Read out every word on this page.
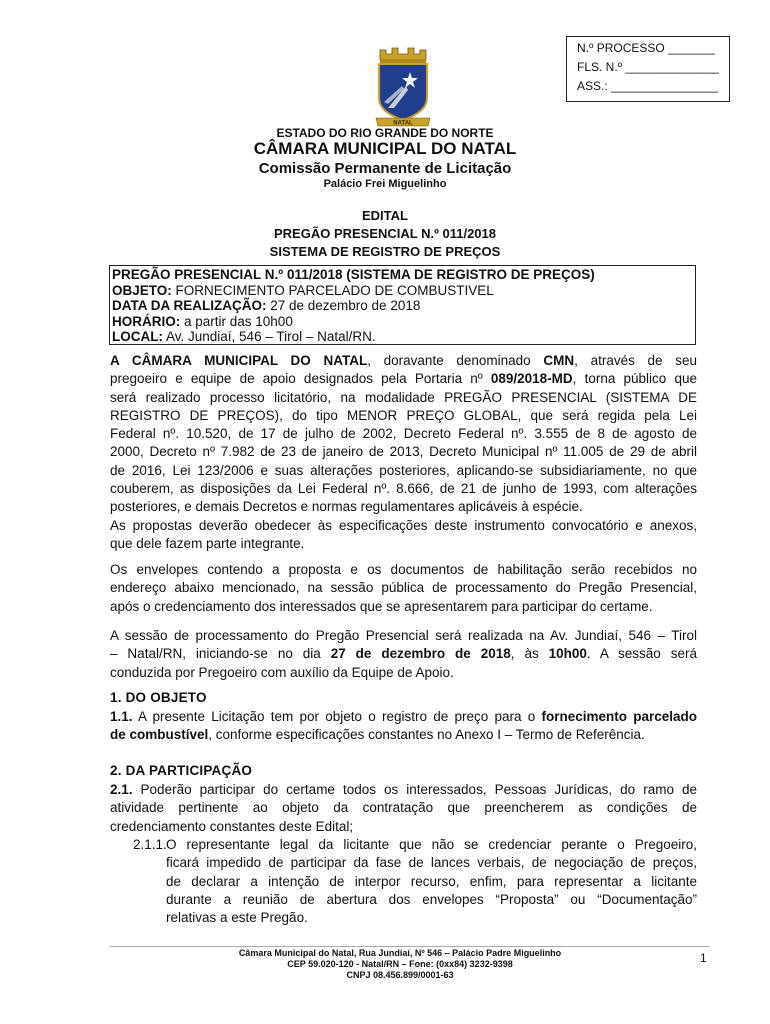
N.º PROCESSO _______
FLS. N.º ______________
ASS.: ________________
NATAL
ESTADO DO RIO GRANDE DO NORTE
CÂMARA MUNICIPAL DO NATAL
Comissão Permanente de Licitação
Palácio Frei Miguelinho
EDITAL
PREGÃO PRESENCIAL N.º 011/2018
SISTEMA DE REGISTRO DE PREÇOS
PREGÃO PRESENCIAL N.º 011/2018 (SISTEMA DE REGISTRO DE PREÇOS)
OBJETO: FORNECIMENTO PARCELADO DE COMBUSTIVEL
DATA DA REALIZAÇÃO: 27 de dezembro de 2018
HORÁRIO: a partir das 10h00
LOCAL: Av. Jundiaí, 546 – Tirol – Natal/RN.
A CÂMARA MUNICIPAL DO NATAL, doravante denominado CMN, através de seu
pregoeiro e equipe de apoio designados pela Portaria nº 089/2018-MD, torna público que
será realizado processo licitatório, na modalidade PREGÃO PRESENCIAL (SISTEMA DE
REGISTRO DE PREÇOS), do tipo MENOR PREÇO GLOBAL, que será regida pela Lei
Federal nº. 10.520, de 17 de julho de 2002, Decreto Federal nº. 3.555 de 8 de agosto de
2000, Decreto nº 7.982 de 23 de janeiro de 2013, Decreto Municipal nº 11.005 de 29 de abril
de 2016, Lei 123/2006 e suas alterações posteriores, aplicando-se subsidiariamente, no que
couberem, as disposições da Lei Federal nº. 8.666, de 21 de junho de 1993, com alterações
posteriores, e demais Decretos e normas regulamentares aplicáveis à espécie.
As propostas deverão obedecer às especificações deste instrumento convocatório e anexos,
que dele fazem parte integrante.
Os envelopes contendo a proposta e os documentos de habilitação serão recebidos no
endereço abaixo mencionado, na sessão pública de processamento do Pregão Presencial,
após o credenciamento dos interessados que se apresentarem para participar do certame.
A sessão de processamento do Pregão Presencial será realizada na Av. Jundiaí, 546 – Tirol
– Natal/RN, iniciando-se no dia 27 de dezembro de 2018, às 10h00. A sessão será
conduzida por Pregoeiro com auxílio da Equipe de Apoio.
1. DO OBJETO
1.1. A presente Licitação tem por objeto o registro de preço para o fornecimento parcelado
de combustível, conforme especificações constantes no Anexo I – Termo de Referência.
2. DA PARTICIPAÇÃO
2.1. Poderão participar do certame todos os interessados, Pessoas Jurídicas, do ramo de
atividade pertinente ao objeto da contratação que preencherem as condições de
credenciamento constantes deste Edital;
2.1.1. O representante legal da licitante que não se credenciar perante o Pregoeiro,
ficará impedido de participar da fase de lances verbais, de negociação de preços,
de declarar a intenção de interpor recurso, enfim, para representar a licitante
durante a reunião de abertura dos envelopes “Proposta” ou “Documentação”
relativas a este Pregão.
Câmara Municipal do Natal, Rua Jundiaí, Nº 546 – Palácio Padre Miguelinho
CEP 59.020-120 - Natal/RN – Fone: (0xx84) 3232-9398
CNPJ 08.456.899/0001-63
1
